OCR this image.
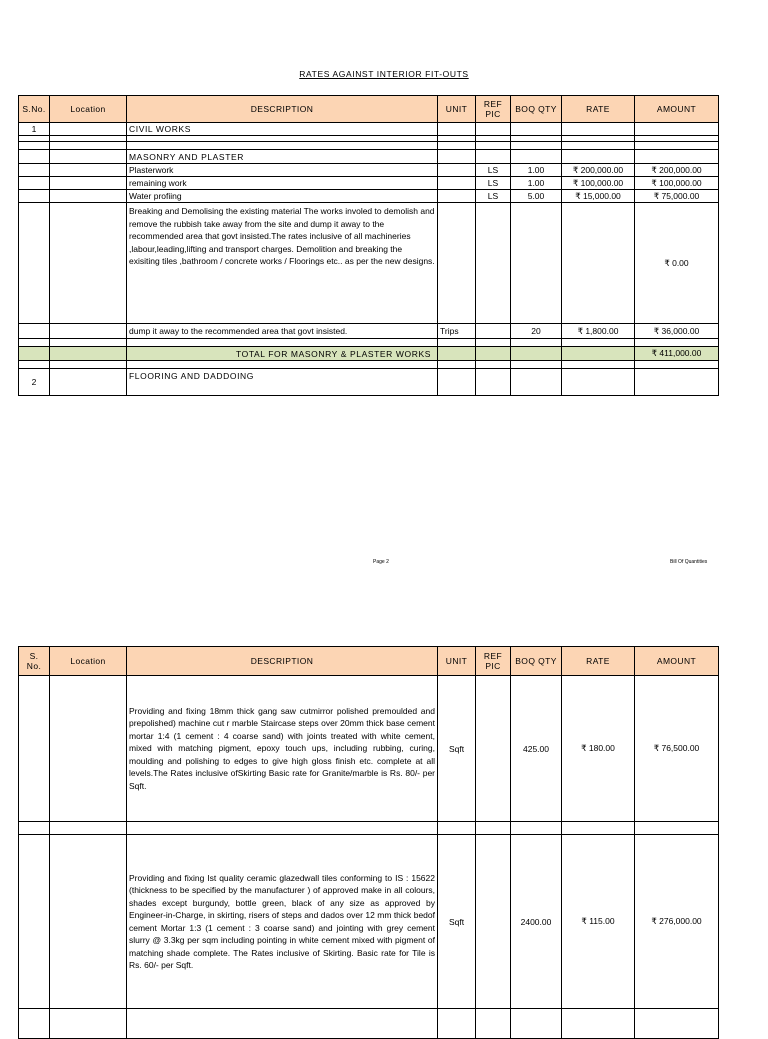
RATES AGAINST INTERIOR FIT-OUTS
S.No.	Location	DESCRIPTION	UNIT	REF PIC	BOQ QTY	RATE	AMOUNT
1		CIVIL WORKS					

		MASONRY AND PLASTER					
		Plasterwork		LS	1.00	₹ 200,000.00	₹ 200,000.00
		remaining work		LS	1.00	₹ 100,000.00	₹ 100,000.00
		Water profiing		LS	5.00	₹ 15,000.00	₹ 75,000.00
		Breaking and Demolising the existing material The works involed to demolish and remove the rubbish take away from the site and dump it away to the recommended area that govt insisted.The rates inclusive of all machineries ,labour,leading,lifting and transport charges. Demolition and breaking the exisiting tiles ,bathroom / concrete works / Floorings etc.. as per the new designs.					₹ 0.00
		dump it away to the recommended area that govt insisted.	Trips		20	₹ 1,800.00	₹ 36,000.00

		TOTAL FOR MASONRY & PLASTER WORKS					₹ 411,000.00

2		FLOORING AND DADDOING					
Page 2	Bill Of Quantities
S. No.	Location	DESCRIPTION	UNIT	REF PIC	BOQ QTY	RATE	AMOUNT
		Providing and fixing 18mm thick gang saw cutmirror polished premoulded and prepolished) machine cut r marble Staircase steps over 20mm thick base cement mortar 1:4 (1 cement : 4 coarse sand) with joints treated with white cement, mixed with matching pigment, epoxy touch ups, including rubbing, curing, moulding and polishing to edges to give high gloss finish etc. complete at all levels.The Rates inclusive ofSkirting Basic rate for Granite/marble is Rs. 80/- per Sqft.	Sqft		425.00	₹ 180.00	₹ 76,500.00

		Providing and fixing Ist quality ceramic glazedwall tiles conforming to IS : 15622 (thickness to be specified by the manufacturer ) of approved make in all colours, shades except burgundy, bottle green, black of any size as approved by Engineer-in-Charge, in skirting, risers of steps and dados over 12 mm thick bedof cement Mortar 1:3 (1 cement : 3 coarse sand) and jointing with grey cement slurry @ 3.3kg per sqm including pointing in white cement mixed with pigment of matching shade complete. The Rates inclusive of Skirting. Basic rate for Tile is Rs. 60/- per Sqft.	Sqft		2400.00	₹ 115.00	₹ 276,000.00
